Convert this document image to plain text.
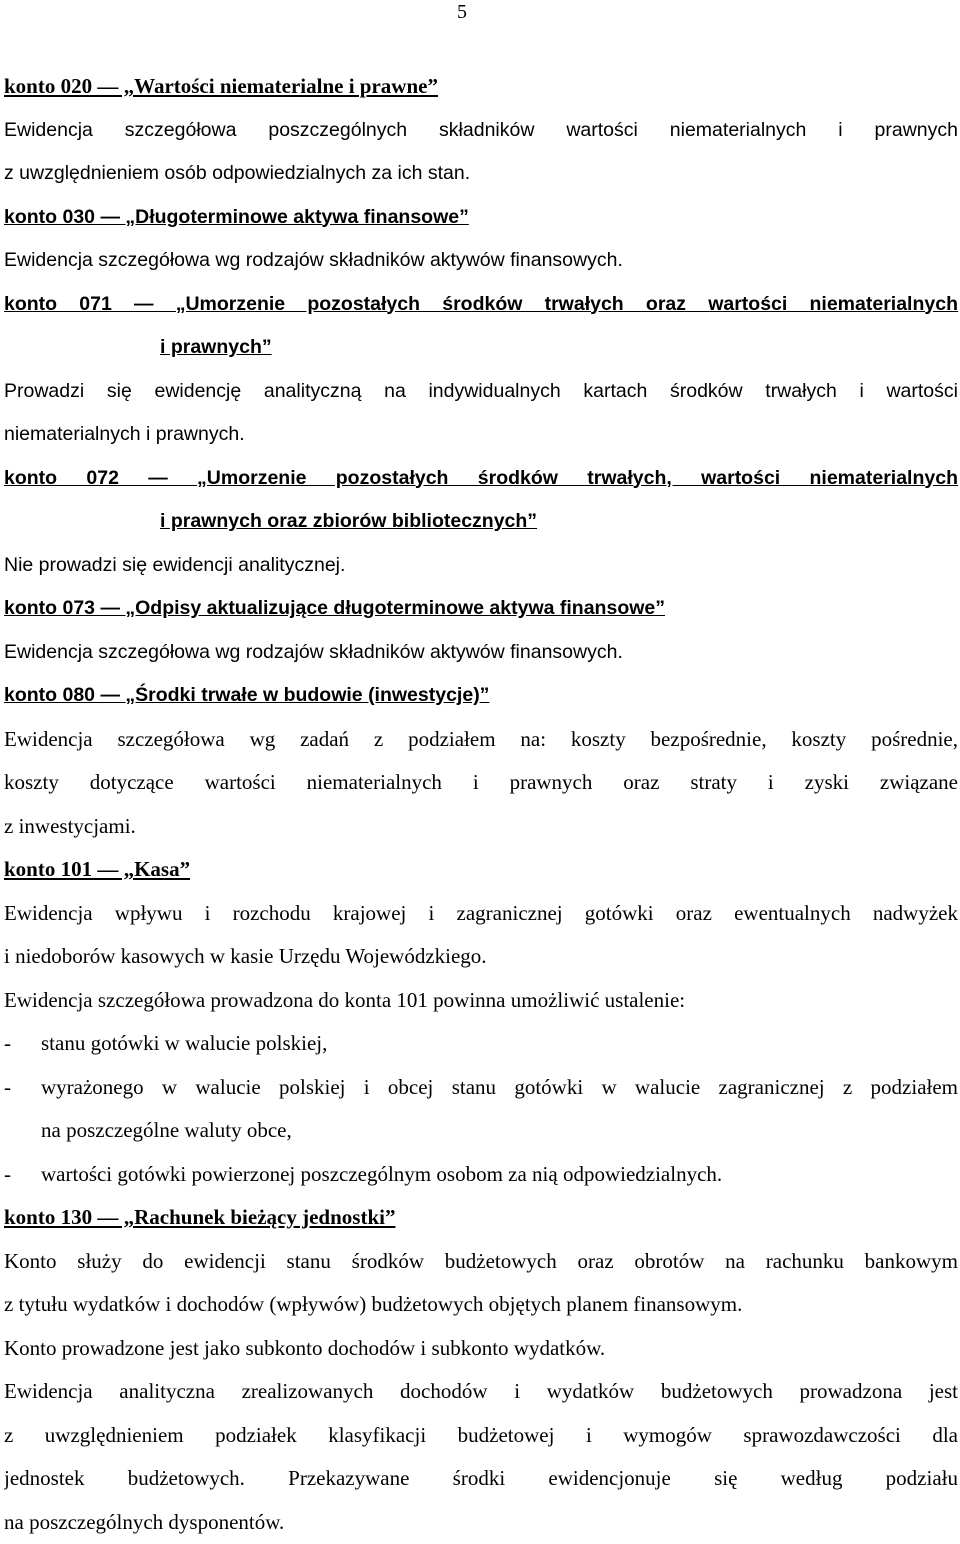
5
konto 020 — „Wartości niematerialne i prawne”
Ewidencja szczegółowa poszczególnych składników wartości niematerialnych i prawnych
z uwzględnieniem osób odpowiedzialnych za ich stan.
konto 030 — „Długoterminowe aktywa finansowe”
Ewidencja szczegółowa wg rodzajów składników aktywów finansowych.
konto 071 — „Umorzenie pozostałych środków trwałych oraz wartości niematerialnych
i prawnych”
Prowadzi się ewidencję analityczną na indywidualnych kartach środków trwałych i wartości
niematerialnych i prawnych.
konto 072 — „Umorzenie pozostałych środków trwałych, wartości niematerialnych
i prawnych oraz zbiorów bibliotecznych”
Nie prowadzi się ewidencji analitycznej.
konto 073 — „Odpisy aktualizujące długoterminowe aktywa finansowe”
Ewidencja szczegółowa wg rodzajów składników aktywów finansowych.
konto 080 — „Środki trwałe w budowie (inwestycje)”
Ewidencja szczegółowa wg zadań z podziałem na: koszty bezpośrednie, koszty pośrednie,
koszty dotyczące wartości niematerialnych i prawnych oraz straty i zyski związane
z inwestycjami.
konto 101 — „Kasa”
Ewidencja wpływu i rozchodu krajowej i zagranicznej gotówki oraz ewentualnych nadwyżek
i niedoborów kasowych w kasie Urzędu Wojewódzkiego.
Ewidencja szczegółowa prowadzona do konta 101 powinna umożliwić ustalenie:
-	stanu gotówki w walucie polskiej,
-	wyrażonego w walucie polskiej i obcej stanu gotówki w walucie zagranicznej z podziałem
na poszczególne waluty obce,
-	wartości gotówki powierzonej poszczególnym osobom za nią odpowiedzialnych.
konto 130 — „Rachunek bieżący jednostki”
Konto służy do ewidencji stanu środków budżetowych oraz obrotów na rachunku bankowym
z tytułu wydatków i dochodów (wpływów) budżetowych objętych planem finansowym.
Konto prowadzone jest jako subkonto dochodów i subkonto wydatków.
Ewidencja analityczna zrealizowanych dochodów i wydatków budżetowych prowadzona jest
z uwzględnieniem podziałek klasyfikacji budżetowej i wymogów sprawozdawczości dla
jednostek budżetowych. Przekazywane środki ewidencjonuje się według podziału
na poszczególnych dysponentów.
